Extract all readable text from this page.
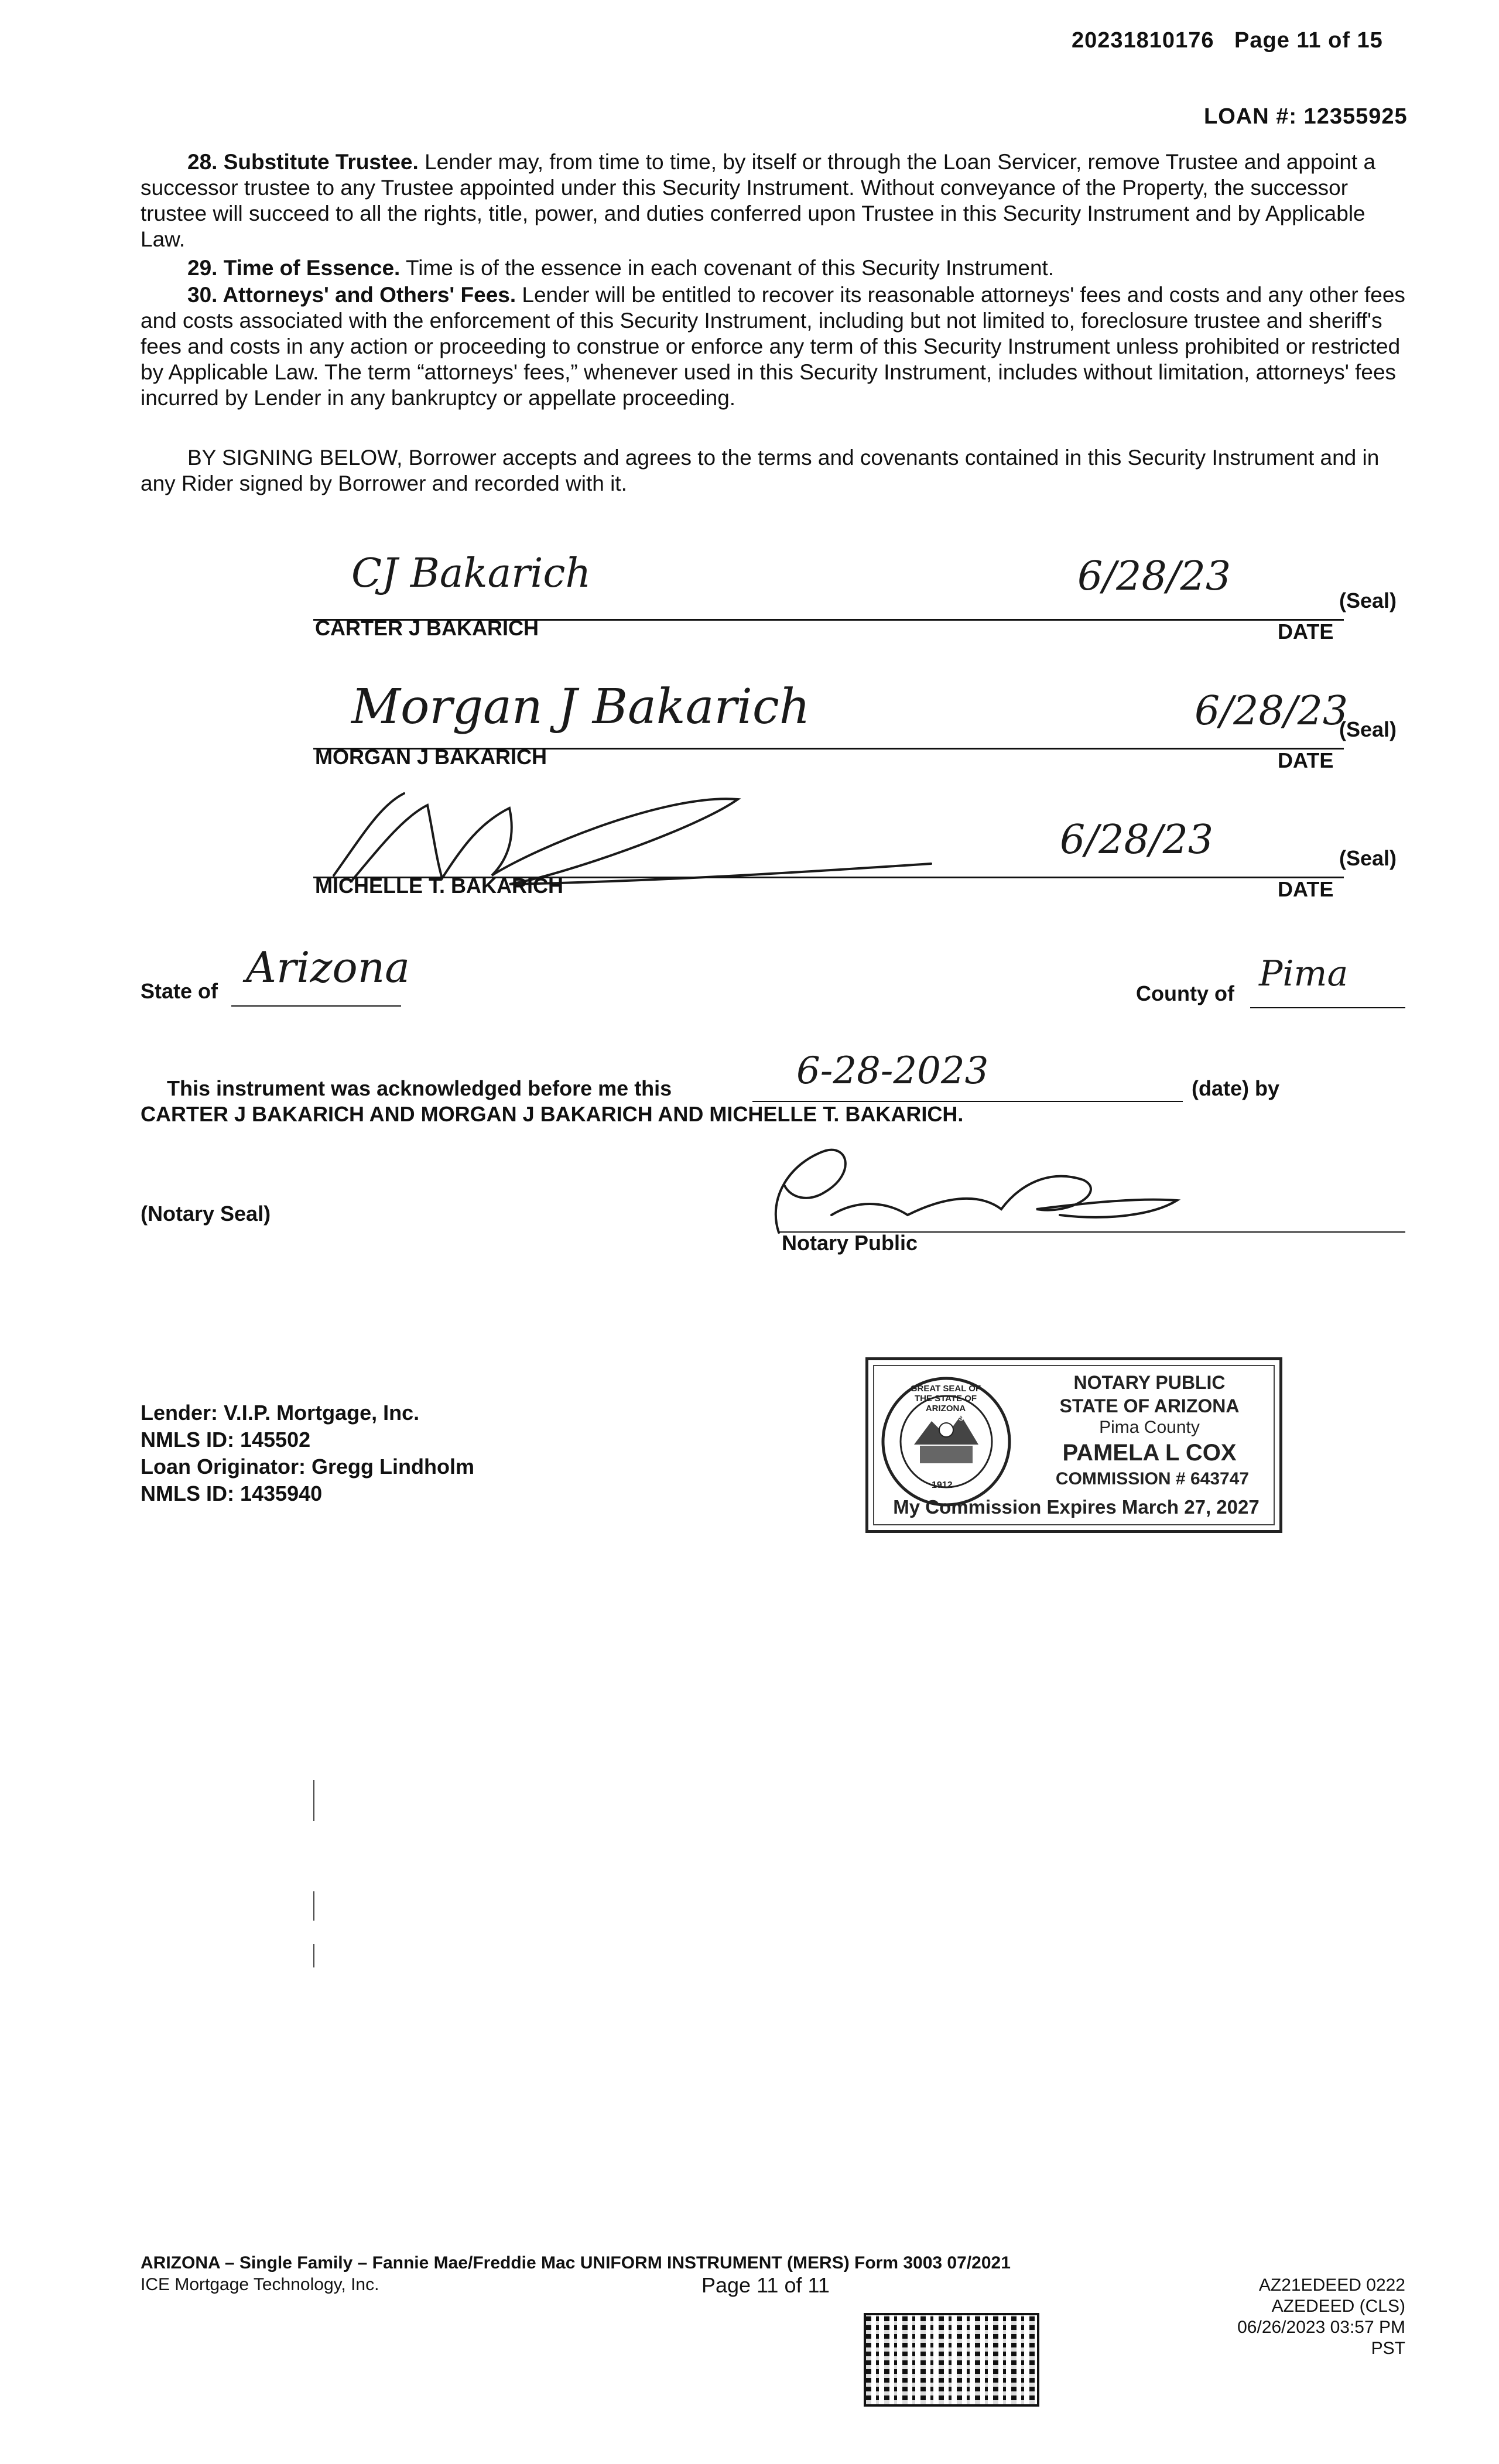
20231810176 Page 11 of 15
LOAN #: 12355925
28. Substitute Trustee. Lender may, from time to time, by itself or through the Loan Servicer, remove Trustee and appoint a successor trustee to any Trustee appointed under this Security Instrument. Without conveyance of the Property, the successor trustee will succeed to all the rights, title, power, and duties conferred upon Trustee in this Security Instrument and by Applicable Law.
29. Time of Essence. Time is of the essence in each covenant of this Security Instrument.
30. Attorneys' and Others' Fees. Lender will be entitled to recover its reasonable attorneys' fees and costs and any other fees and costs associated with the enforcement of this Security Instrument, including but not limited to, foreclosure trustee and sheriff's fees and costs in any action or proceeding to construe or enforce any term of this Security Instrument unless prohibited or restricted by Applicable Law. The term “attorneys' fees,” whenever used in this Security Instrument, includes without limitation, attorneys' fees incurred by Lender in any bankruptcy or appellate proceeding.
BY SIGNING BELOW, Borrower accepts and agrees to the terms and covenants contained in this Security Instrument and in any Rider signed by Borrower and recorded with it.
CJ Bakarich	6/28/23
CARTER J BAKARICH	DATE
(Seal)
Morgan J Bakarich	6/28/23
MORGAN J BAKARICH	DATE
(Seal)
6/28/23
MICHELLE T. BAKARICH	DATE
(Seal)
State of Arizona
County of Pima
This instrument was acknowledged before me this	6-28-2023	(date) by
CARTER J BAKARICH AND MORGAN J BAKARICH AND MICHELLE T. BAKARICH.
(Notary Seal)
Notary Public
GREAT SEAL OF THE STATE OF ARIZONA
DITAT DEUS
1912
NOTARY PUBLIC
STATE OF ARIZONA
Pima County
PAMELA L COX
COMMISSION # 643747
My Commission Expires March 27, 2027
Lender: V.I.P. Mortgage, Inc.
NMLS ID: 145502
Loan Originator: Gregg Lindholm
NMLS ID: 1435940
ARIZONA – Single Family – Fannie Mae/Freddie Mac UNIFORM INSTRUMENT (MERS) Form 3003 07/2021
ICE Mortgage Technology, Inc.	Page 11 of 11	AZ21EDEED 0222
AZEDEED (CLS)
06/26/2023 03:57 PM PST
